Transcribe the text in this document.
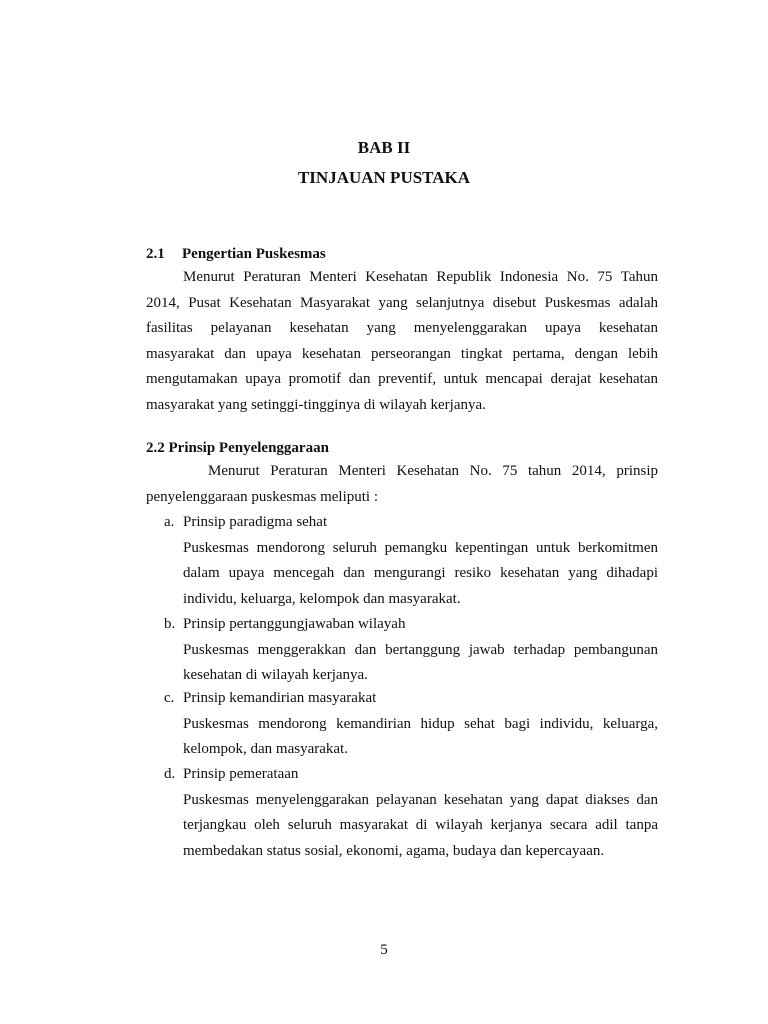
BAB II
TINJAUAN PUSTAKA
2.1 Pengertian Puskesmas
Menurut Peraturan Menteri Kesehatan Republik Indonesia No. 75 Tahun
2014, Pusat Kesehatan Masyarakat yang selanjutnya disebut Puskesmas adalah
fasilitas pelayanan kesehatan yang menyelenggarakan upaya kesehatan
masyarakat dan upaya kesehatan perseorangan tingkat pertama, dengan lebih
mengutamakan upaya promotif dan preventif, untuk mencapai derajat kesehatan
masyarakat yang setinggi-tingginya di wilayah kerjanya.
2.2 Prinsip Penyelenggaraan
Menurut Peraturan Menteri Kesehatan No. 75 tahun 2014, prinsip
penyelenggaraan puskesmas meliputi :
a. Prinsip paradigma sehat
Puskesmas mendorong seluruh pemangku kepentingan untuk berkomitmen
dalam upaya mencegah dan mengurangi resiko kesehatan yang dihadapi
individu, keluarga, kelompok dan masyarakat.
b. Prinsip pertanggungjawaban wilayah
Puskesmas menggerakkan dan bertanggung jawab terhadap pembangunan
kesehatan di wilayah kerjanya.
c. Prinsip kemandirian masyarakat
Puskesmas mendorong kemandirian hidup sehat bagi individu, keluarga,
kelompok, dan masyarakat.
d. Prinsip pemerataan
Puskesmas menyelenggarakan pelayanan kesehatan yang dapat diakses dan
terjangkau oleh seluruh masyarakat di wilayah kerjanya secara adil tanpa
membedakan status sosial, ekonomi, agama, budaya dan kepercayaan.
5
